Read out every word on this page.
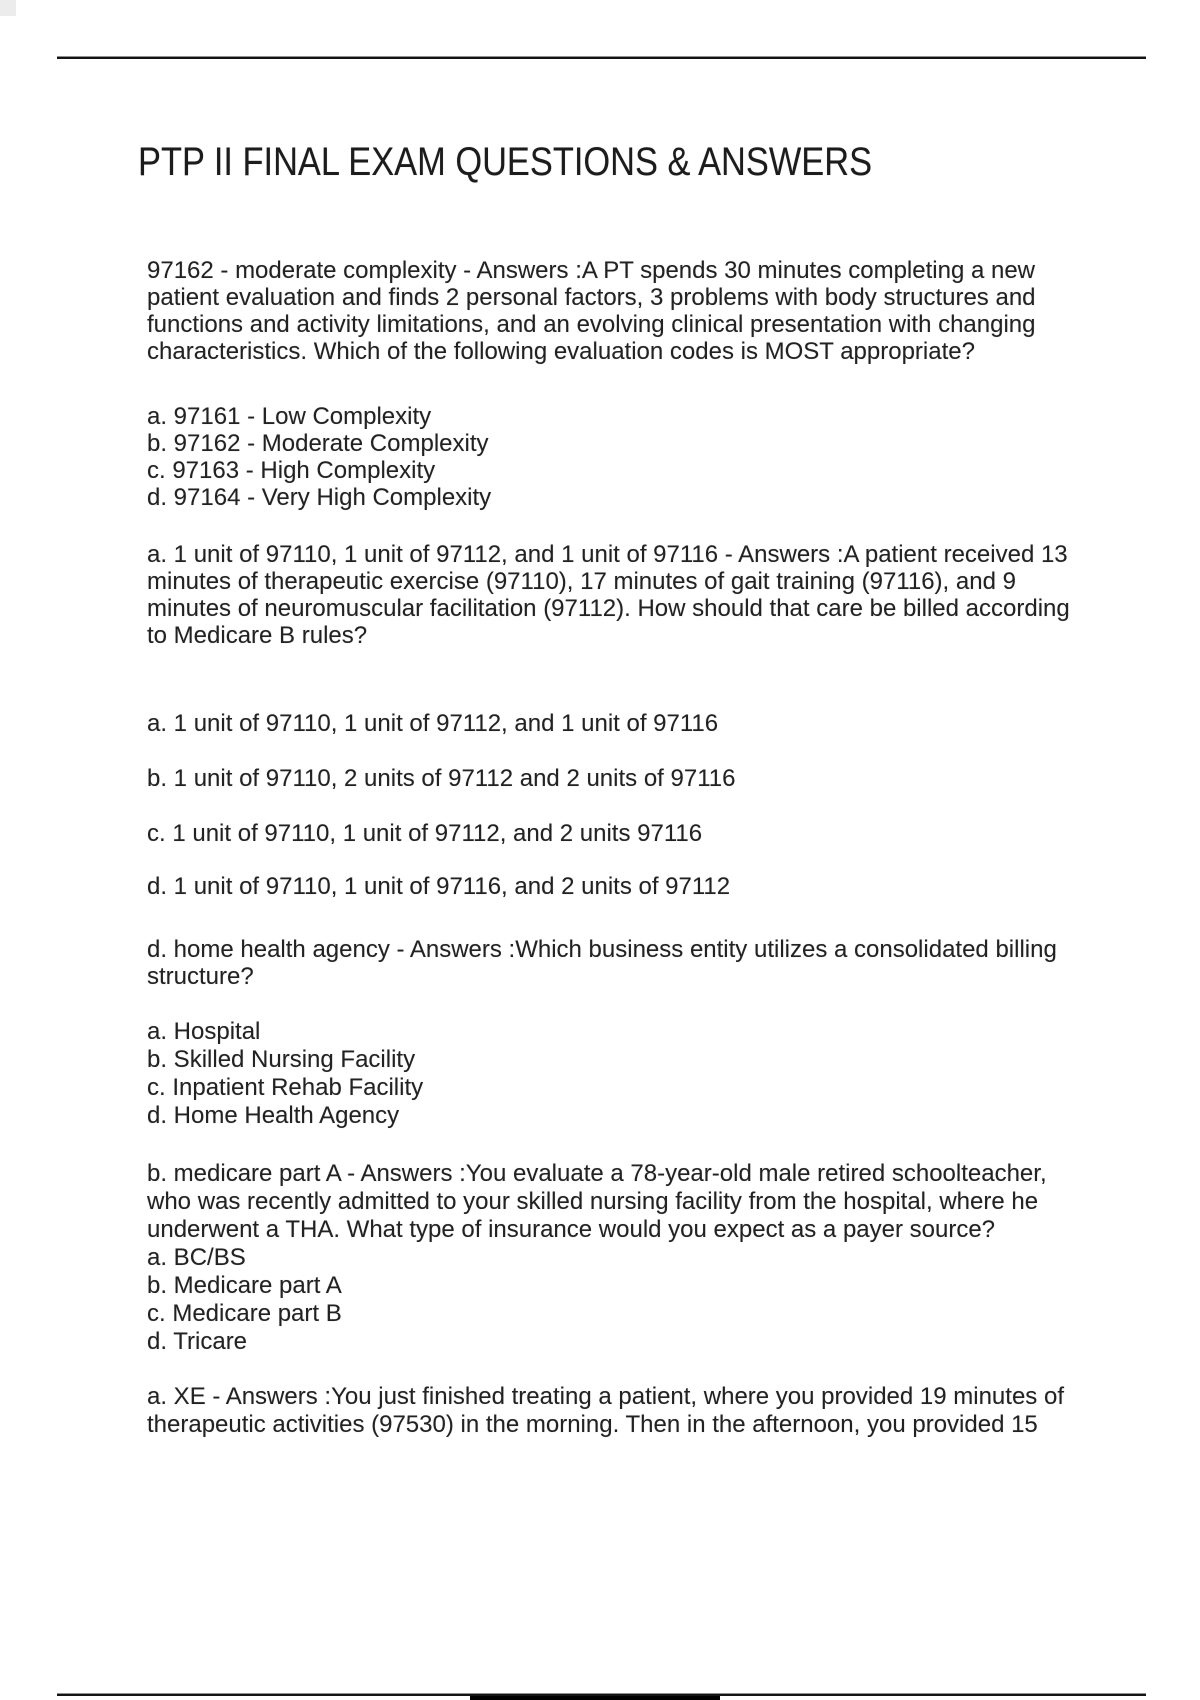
PTP II FINAL EXAM QUESTIONS & ANSWERS
97162 - moderate complexity - Answers :A PT spends 30 minutes completing a new
patient evaluation and finds 2 personal factors, 3 problems with body structures and
functions and activity limitations, and an evolving clinical presentation with changing
characteristics. Which of the following evaluation codes is MOST appropriate?
a. 97161 - Low Complexity
b. 97162 - Moderate Complexity
c. 97163 - High Complexity
d. 97164 - Very High Complexity
a. 1 unit of 97110, 1 unit of 97112, and 1 unit of 97116 - Answers :A patient received 13
minutes of therapeutic exercise (97110), 17 minutes of gait training (97116), and 9
minutes of neuromuscular facilitation (97112). How should that care be billed according
to Medicare B rules?
a. 1 unit of 97110, 1 unit of 97112, and 1 unit of 97116
b. 1 unit of 97110, 2 units of 97112 and 2 units of 97116
c. 1 unit of 97110, 1 unit of 97112, and 2 units 97116
d. 1 unit of 97110, 1 unit of 97116, and 2 units of 97112
d. home health agency - Answers :Which business entity utilizes a consolidated billing
structure?
a. Hospital
b. Skilled Nursing Facility
c. Inpatient Rehab Facility
d. Home Health Agency
b. medicare part A - Answers :You evaluate a 78-year-old male retired schoolteacher,
who was recently admitted to your skilled nursing facility from the hospital, where he
underwent a THA. What type of insurance would you expect as a payer source?
a. BC/BS
b. Medicare part A
c. Medicare part B
d. Tricare
a. XE - Answers :You just finished treating a patient, where you provided 19 minutes of
therapeutic activities (97530) in the morning. Then in the afternoon, you provided 15
